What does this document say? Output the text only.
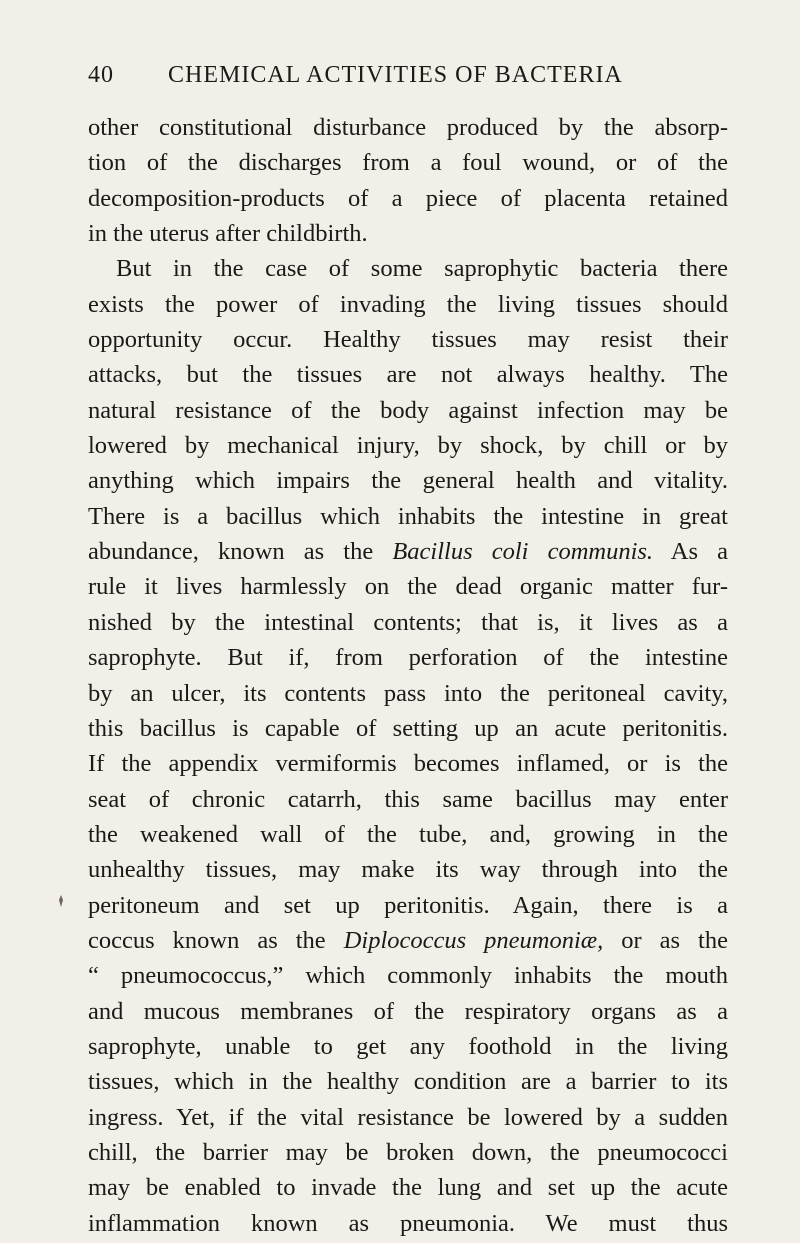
40 CHEMICAL ACTIVITIES OF BACTERIA
other constitutional disturbance produced by the absorp-
tion of the discharges from a foul wound, or of the
decomposition-products of a piece of placenta retained
in the uterus after childbirth.
But in the case of some saprophytic bacteria there
exists the power of invading the living tissues should
opportunity occur. Healthy tissues may resist their
attacks, but the tissues are not always healthy. The
natural resistance of the body against infection may be
lowered by mechanical injury, by shock, by chill or by
anything which impairs the general health and vitality.
There is a bacillus which inhabits the intestine in great
abundance, known as the Bacillus coli communis. As a
rule it lives harmlessly on the dead organic matter fur-
nished by the intestinal contents; that is, it lives as a
saprophyte. But if, from perforation of the intestine
by an ulcer, its contents pass into the peritoneal cavity,
this bacillus is capable of setting up an acute peritonitis.
If the appendix vermiformis becomes inflamed, or is the
seat of chronic catarrh, this same bacillus may enter
the weakened wall of the tube, and, growing in the
unhealthy tissues, may make its way through into the
peritoneum and set up peritonitis. Again, there is a
coccus known as the Diplococcus pneumoniæ, or as the
“ pneumococcus,” which commonly inhabits the mouth
and mucous membranes of the respiratory organs as a
saprophyte, unable to get any foothold in the living
tissues, which in the healthy condition are a barrier to its
ingress. Yet, if the vital resistance be lowered by a sudden
chill, the barrier may be broken down, the pneumococci
may be enabled to invade the lung and set up the acute
inflammation known as pneumonia. We must thus
